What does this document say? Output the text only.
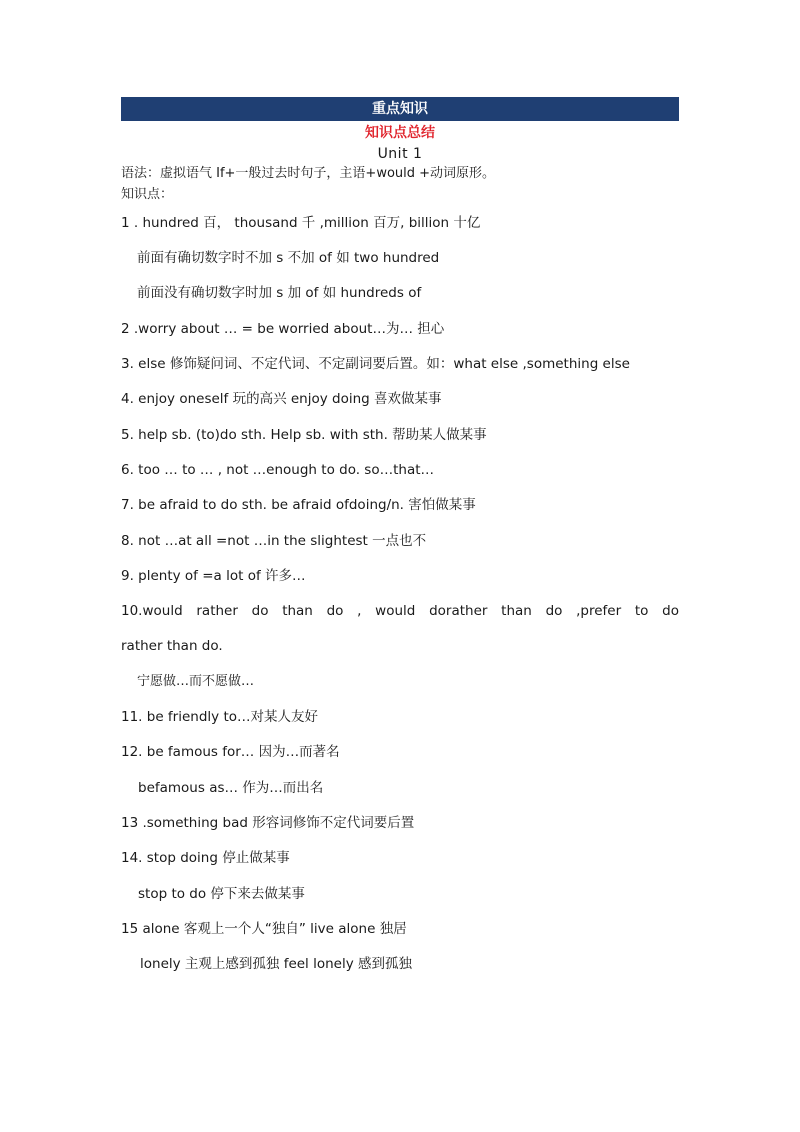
重点知识
知识点总结
Unit 1
语法：虚拟语气 If+一般过去时句子，主语+would +动词原形。
知识点：
1 . hundred 百， thousand 千 ,million 百万, billion 十亿
前面有确切数字时不加 s 不加 of 如 two hundred
前面没有确切数字时加 s 加 of 如 hundreds of
2 .worry about … = be worried about…为… 担心
3. else 修饰疑问词、不定代词、不定副词要后置。如：what else ,something else
4. enjoy oneself 玩的高兴 enjoy doing 喜欢做某事
5. help sb. (to)do sth. Help sb. with sth. 帮助某人做某事
6. too … to … , not …enough to do. so…that…
7. be afraid to do sth. be afraid ofdoing/n. 害怕做某事
8. not …at all =not …in the slightest 一点也不
9. plenty of =a lot of 许多…
10.would rather do than do , would dorather than do ,prefer to do
rather than do.
宁愿做…而不愿做…
11. be friendly to…对某人友好
12. be famous for… 因为…而著名
befamous as… 作为…而出名
13 .something bad 形容词修饰不定代词要后置
14. stop doing 停止做某事
stop to do 停下来去做某事
15 alone 客观上一个人“独自” live alone 独居
lonely 主观上感到孤独 feel lonely 感到孤独
